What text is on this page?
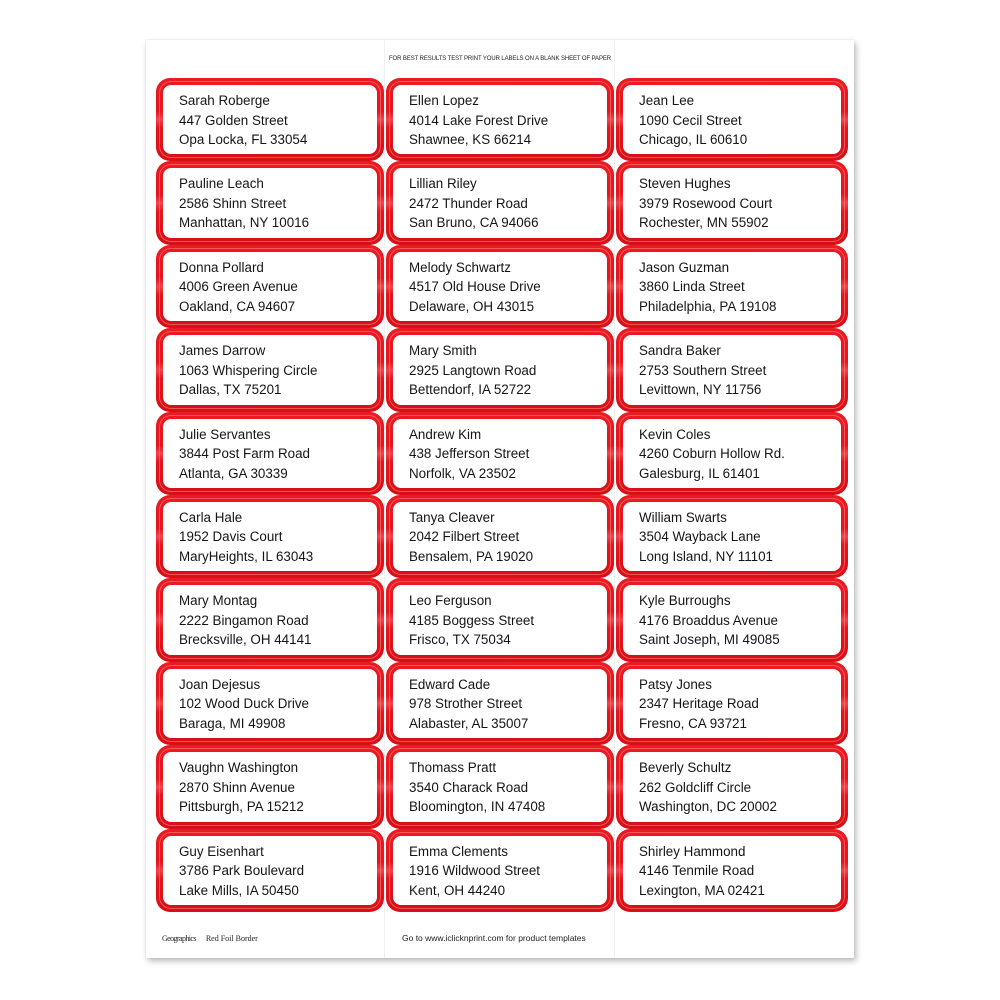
FOR BEST RESULTS TEST PRINT YOUR LABELS ON A BLANK SHEET OF PAPER
Sarah Roberge
447 Golden Street
Opa Locka, FL 33054
Ellen Lopez
4014 Lake Forest Drive
Shawnee, KS 66214
Jean Lee
1090 Cecil Street
Chicago, IL 60610
Pauline Leach
2586 Shinn Street
Manhattan, NY 10016
Lillian Riley
2472 Thunder Road
San Bruno, CA 94066
Steven Hughes
3979 Rosewood Court
Rochester, MN 55902
Donna Pollard
4006 Green Avenue
Oakland, CA 94607
Melody Schwartz
4517 Old House Drive
Delaware, OH 43015
Jason Guzman
3860 Linda Street
Philadelphia, PA 19108
James Darrow
1063 Whispering Circle
Dallas, TX 75201
Mary Smith
2925 Langtown Road
Bettendorf, IA 52722
Sandra Baker
2753 Southern Street
Levittown, NY 11756
Julie Servantes
3844 Post Farm Road
Atlanta, GA 30339
Andrew Kim
438 Jefferson Street
Norfolk, VA 23502
Kevin Coles
4260 Coburn Hollow Rd.
Galesburg, IL 61401
Carla Hale
1952 Davis Court
MaryHeights, IL 63043
Tanya Cleaver
2042 Filbert Street
Bensalem, PA 19020
William Swarts
3504 Wayback Lane
Long Island, NY 11101
Mary Montag
2222 Bingamon Road
Brecksville, OH 44141
Leo Ferguson
4185 Boggess Street
Frisco, TX 75034
Kyle Burroughs
4176 Broaddus Avenue
Saint Joseph, MI 49085
Joan Dejesus
102 Wood Duck Drive
Baraga, MI 49908
Edward Cade
978 Strother Street
Alabaster, AL 35007
Patsy Jones
2347 Heritage Road
Fresno, CA 93721
Vaughn Washington
2870 Shinn Avenue
Pittsburgh, PA 15212
Thomass Pratt
3540 Charack Road
Bloomington, IN 47408
Beverly Schultz
262 Goldcliff Circle
Washington, DC 20002
Guy Eisenhart
3786 Park Boulevard
Lake Mills, IA 50450
Emma Clements
1916 Wildwood Street
Kent, OH 44240
Shirley Hammond
4146 Tenmile Road
Lexington, MA 02421
Geographics Red Foil Border	Go to www.iclicknprint.com for product templates
